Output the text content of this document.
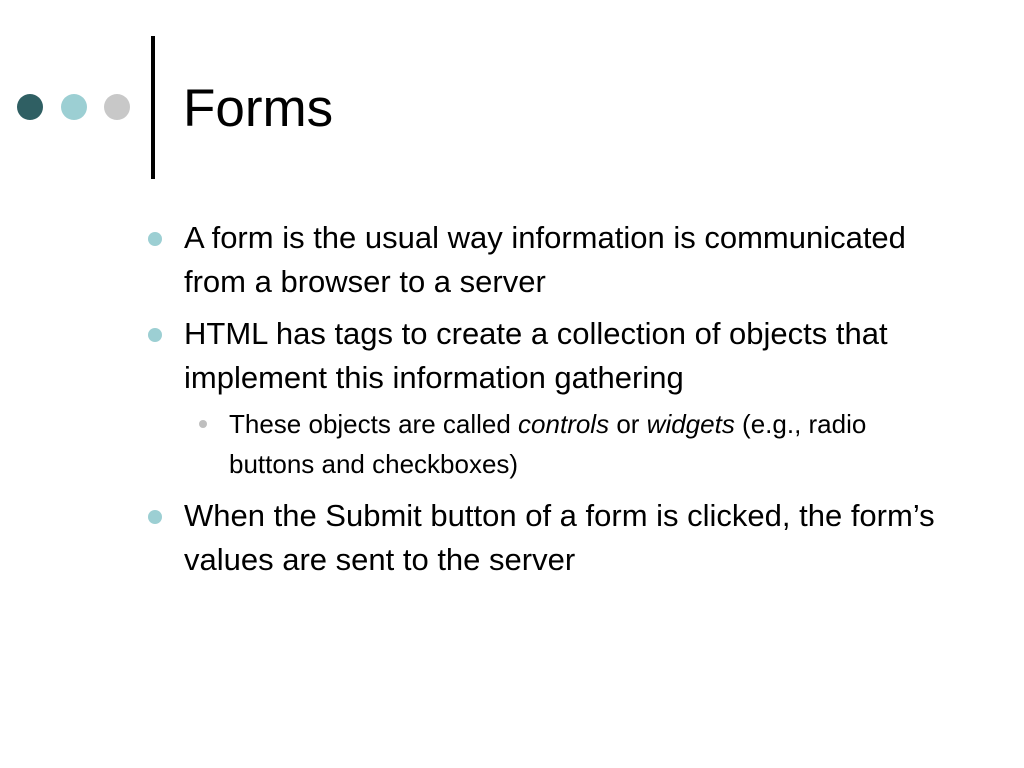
Forms
A form is the usual way information is communicated from a browser to a server
HTML has tags to create a collection of objects that implement this information gathering
These objects are called controls or widgets (e.g., radio buttons and checkboxes)
When the Submit button of a form is clicked, the form’s values are sent to the server
